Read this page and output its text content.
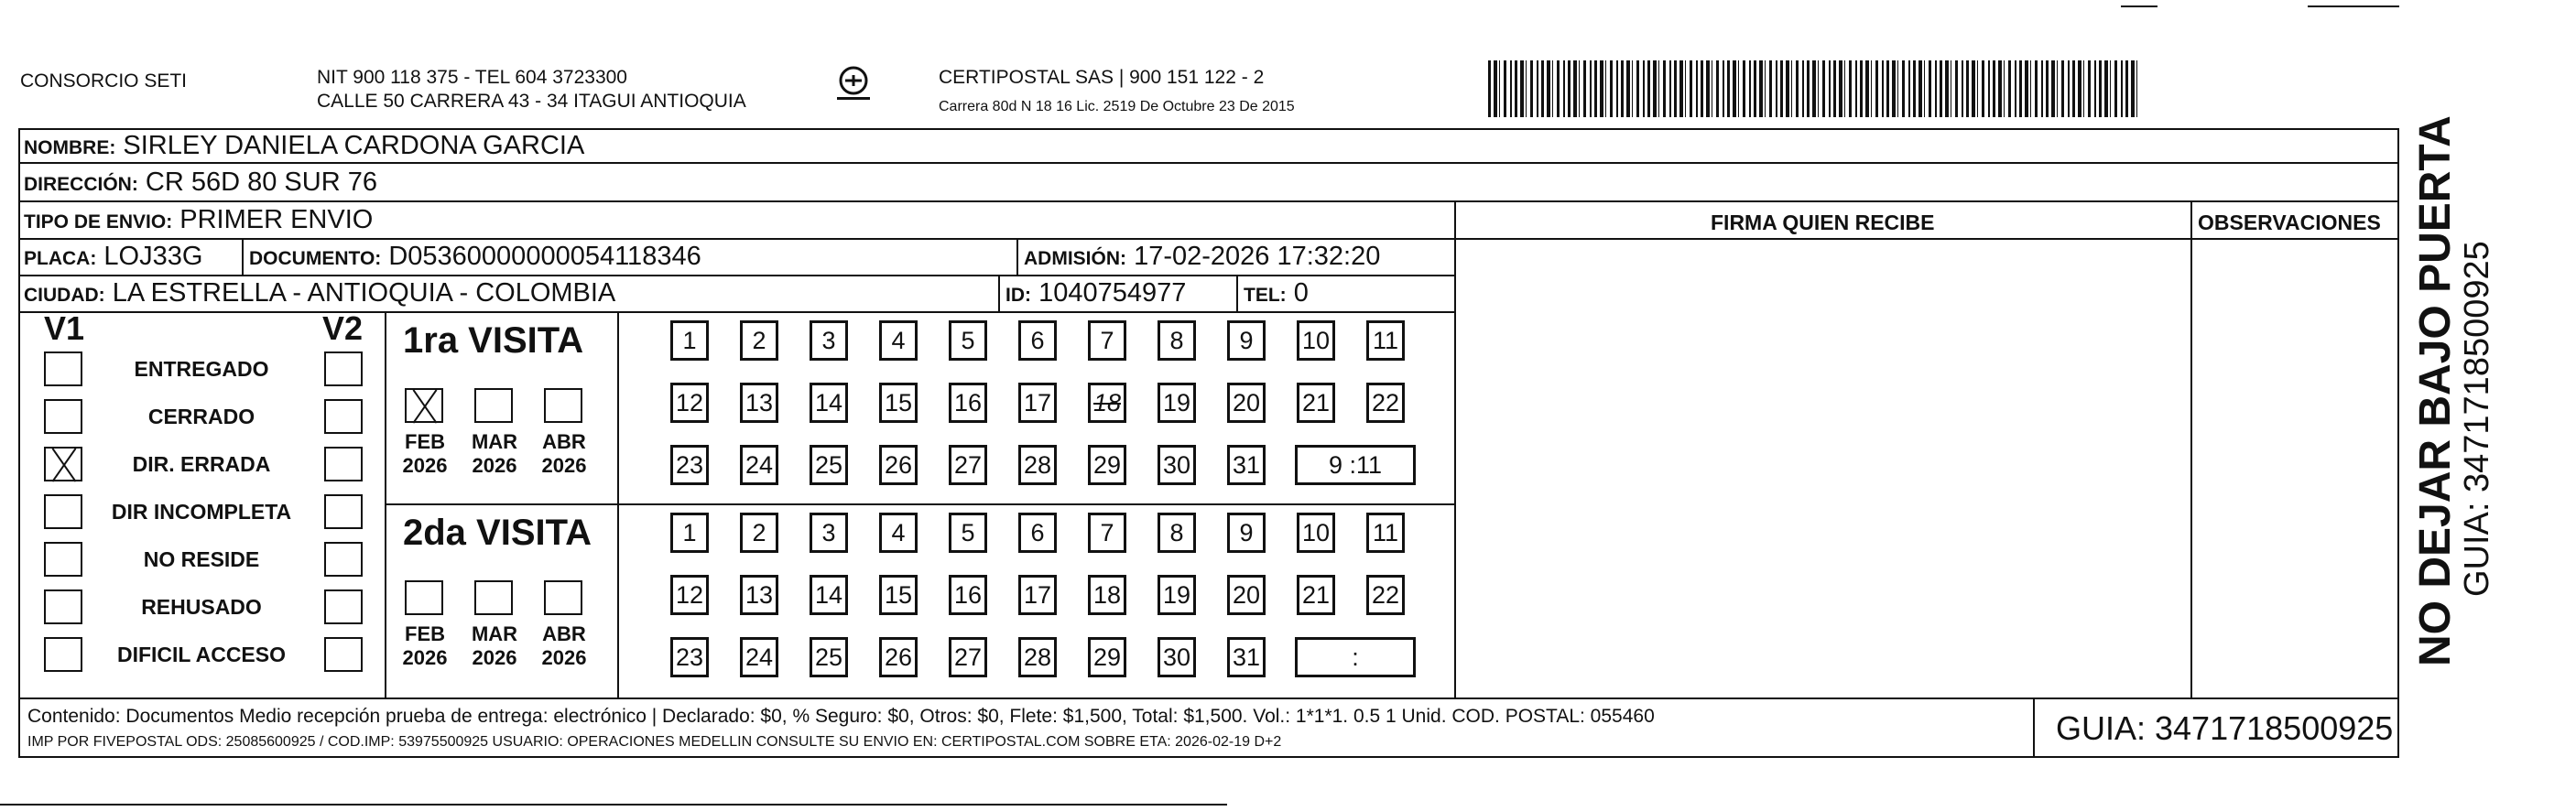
CONSORCIO SETI	NIT 900 118 375 - TEL 604 3723300
CALLE 50 CARRERA 43 - 34 ITAGUI ANTIOQUIA
CERTIPOSTAL SAS | 900 151 122 - 2
Carrera 80d N 18 16 Lic. 2519 De Octubre 23 De 2015
NOMBRE: SIRLEY DANIELA CARDONA GARCIA
DIRECCIÓN: CR 56D 80 SUR 76
TIPO DE ENVIO: PRIMER ENVIO	FIRMA QUIEN RECIBE	OBSERVACIONES
PLACA: LOJ33G DOCUMENTO: D05360000000054118346	ADMISIÓN: 17-02-2026 17:32:20
CIUDAD: LA ESTRELLA - ANTIOQUIA - COLOMBIA	ID: 1040754977	TEL: 0
V1	V2
ENTREGADO
CERRADO
DIR. ERRADA
DIR INCOMPLETA
NO RESIDE
REHUSADO
DIFICIL ACCESO
1ra VISITA
2da VISITA
FEB
2026
MAR
2026
ABR
2026
1	2	3	4	5	6	7	8	9	10 11
12 13 14 15 16 17 18 19 20 21 22
23 24 25 26 27 28 29 30 31	9 :11
FEB
2026
MAR
2026
ABR
2026
1	2	3	4	5	6	7	8	9	10 11
12 13 14 15 16 17 18 19 20 21 22
23 24 25 26 27 28 29 30 31	:
Contenido: Documentos Medio recepción prueba de entrega: electrónico | Declarado: $0, % Seguro: $0, Otros: $0, Flete: $1,500, Total: $1,500. Vol.: 1*1*1. 0.5 1 Unid. COD. POSTAL: 055460
IMP POR FIVEPOSTAL ODS: 25085600925 / COD.IMP: 53975500925 USUARIO: OPERACIONES MEDELLIN CONSULTE SU ENVIO EN: CERTIPOSTAL.COM SOBRE ETA: 2026-02-19 D+2	GUIA: 3471718500925
NO DEJAR BAJO PUERTA
GUIA: 3471718500925
